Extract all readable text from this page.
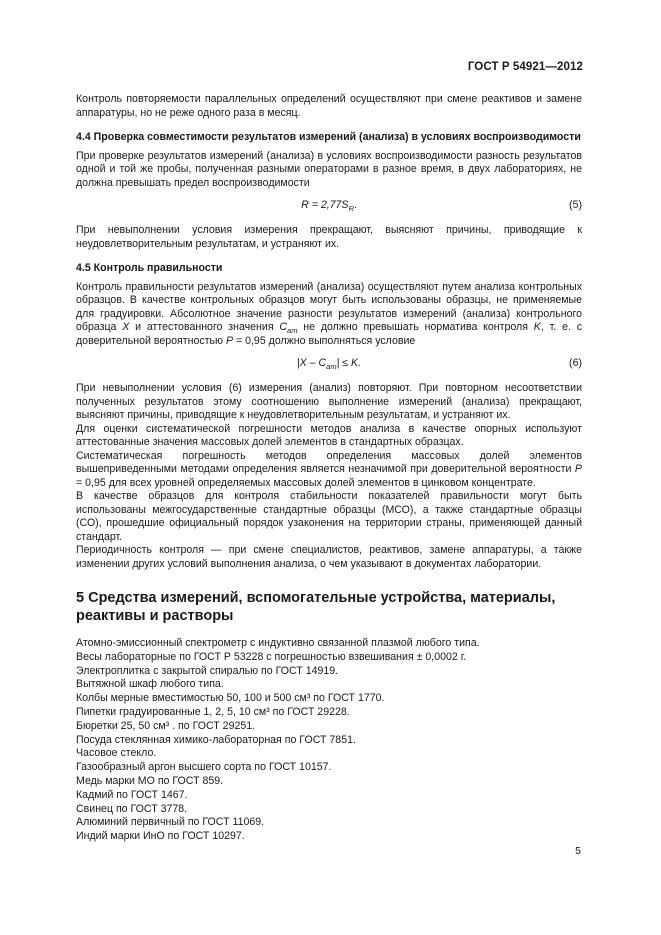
ГОСТ Р 54921—2012

Контроль повторяемости параллельных определений осуществляют при смене реактивов и замене аппаратуры, но не реже одного раза в месяц.

4.4 Проверка совместимости результатов измерений (анализа) в условиях воспроизводимости

При проверке результатов измерений (анализа) в условиях воспроизводимости разность результатов одной и той же пробы, полученная разными операторами в разное время, в двух лабораториях, не должна превышать предел воспроизводимости

$R = 2,77S_R$.	(5)

При невыполнении условия измерения прекращают, выясняют причины, приводящие к неудовлетворительным результатам, и устраняют их.

4.5 Контроль правильности

Контроль правильности результатов измерений (анализа) осуществляют путем анализа контрольных образцов. В качестве контрольных образцов могут быть использованы образцы, не применяемые для градуировки. Абсолютное значение разности результатов измерений (анализа) контрольного образца X и аттестованного значения $C_{ат}$ не должно превышать норматива контроля K, т. е. с доверительной вероятностью P = 0,95 должно выполняться условие

$|X - C_{ат}| \le K$.	(6)

При невыполнении условия (6) измерения (анализ) повторяют. При повторном несоответствии полученных результатов этому соотношению выполнение измерений (анализа) прекращают, выясняют причины, приводящие к неудовлетворительным результатам, и устраняют их.

Для оценки систематической погрешности методов анализа в качестве опорных используют аттестованные значения массовых долей элементов в стандартных образцах.

Систематическая погрешность методов определения массовых долей элементов вышеприведенными методами определения является незначимой при доверительной вероятности P = 0,95 для всех уровней определяемых массовых долей элементов в цинковом концентрате.

В качестве образцов для контроля стабильности показателей правильности могут быть использованы межгосударственные стандартные образцы (МСО), а также стандартные образцы (СО), прошедшие официальный порядок узаконения на территории страны, применяющей данный стандарт.

Периодичность контроля — при смене специалистов, реактивов, замене аппаратуры, а также изменении других условий выполнения анализа, о чем указывают в документах лаборатории.

5 Средства измерений, вспомогательные устройства, материалы, реактивы и растворы
Атомно-эмиссионный спектрометр с индуктивно связанной плазмой любого типа.
Весы лабораторные по ГОСТ Р 53228 с погрешностью взвешивания ± 0,0002 г.
Электроплитка с закрытой спиралью по ГОСТ 14919.
Вытяжной шкаф любого типа.
Колбы мерные вместимостью 50, 100 и 500 см³ по ГОСТ 1770.
Пипетки градуированные 1, 2, 5, 10 см³ по ГОСТ 29228.
Бюретки 25, 50 см³ . по ГОСТ 29251.
Посуда стеклянная химико-лабораторная по ГОСТ 7851.
Часовое стекло.
Газообразный аргон высшего сорта по ГОСТ 10157.
Медь марки МО по ГОСТ 859.
Кадмий по ГОСТ 1467.
Свинец по ГОСТ 3778.
Алюминий первичный по ГОСТ 11069.
Индий марки ИнО по ГОСТ 10297.
5
